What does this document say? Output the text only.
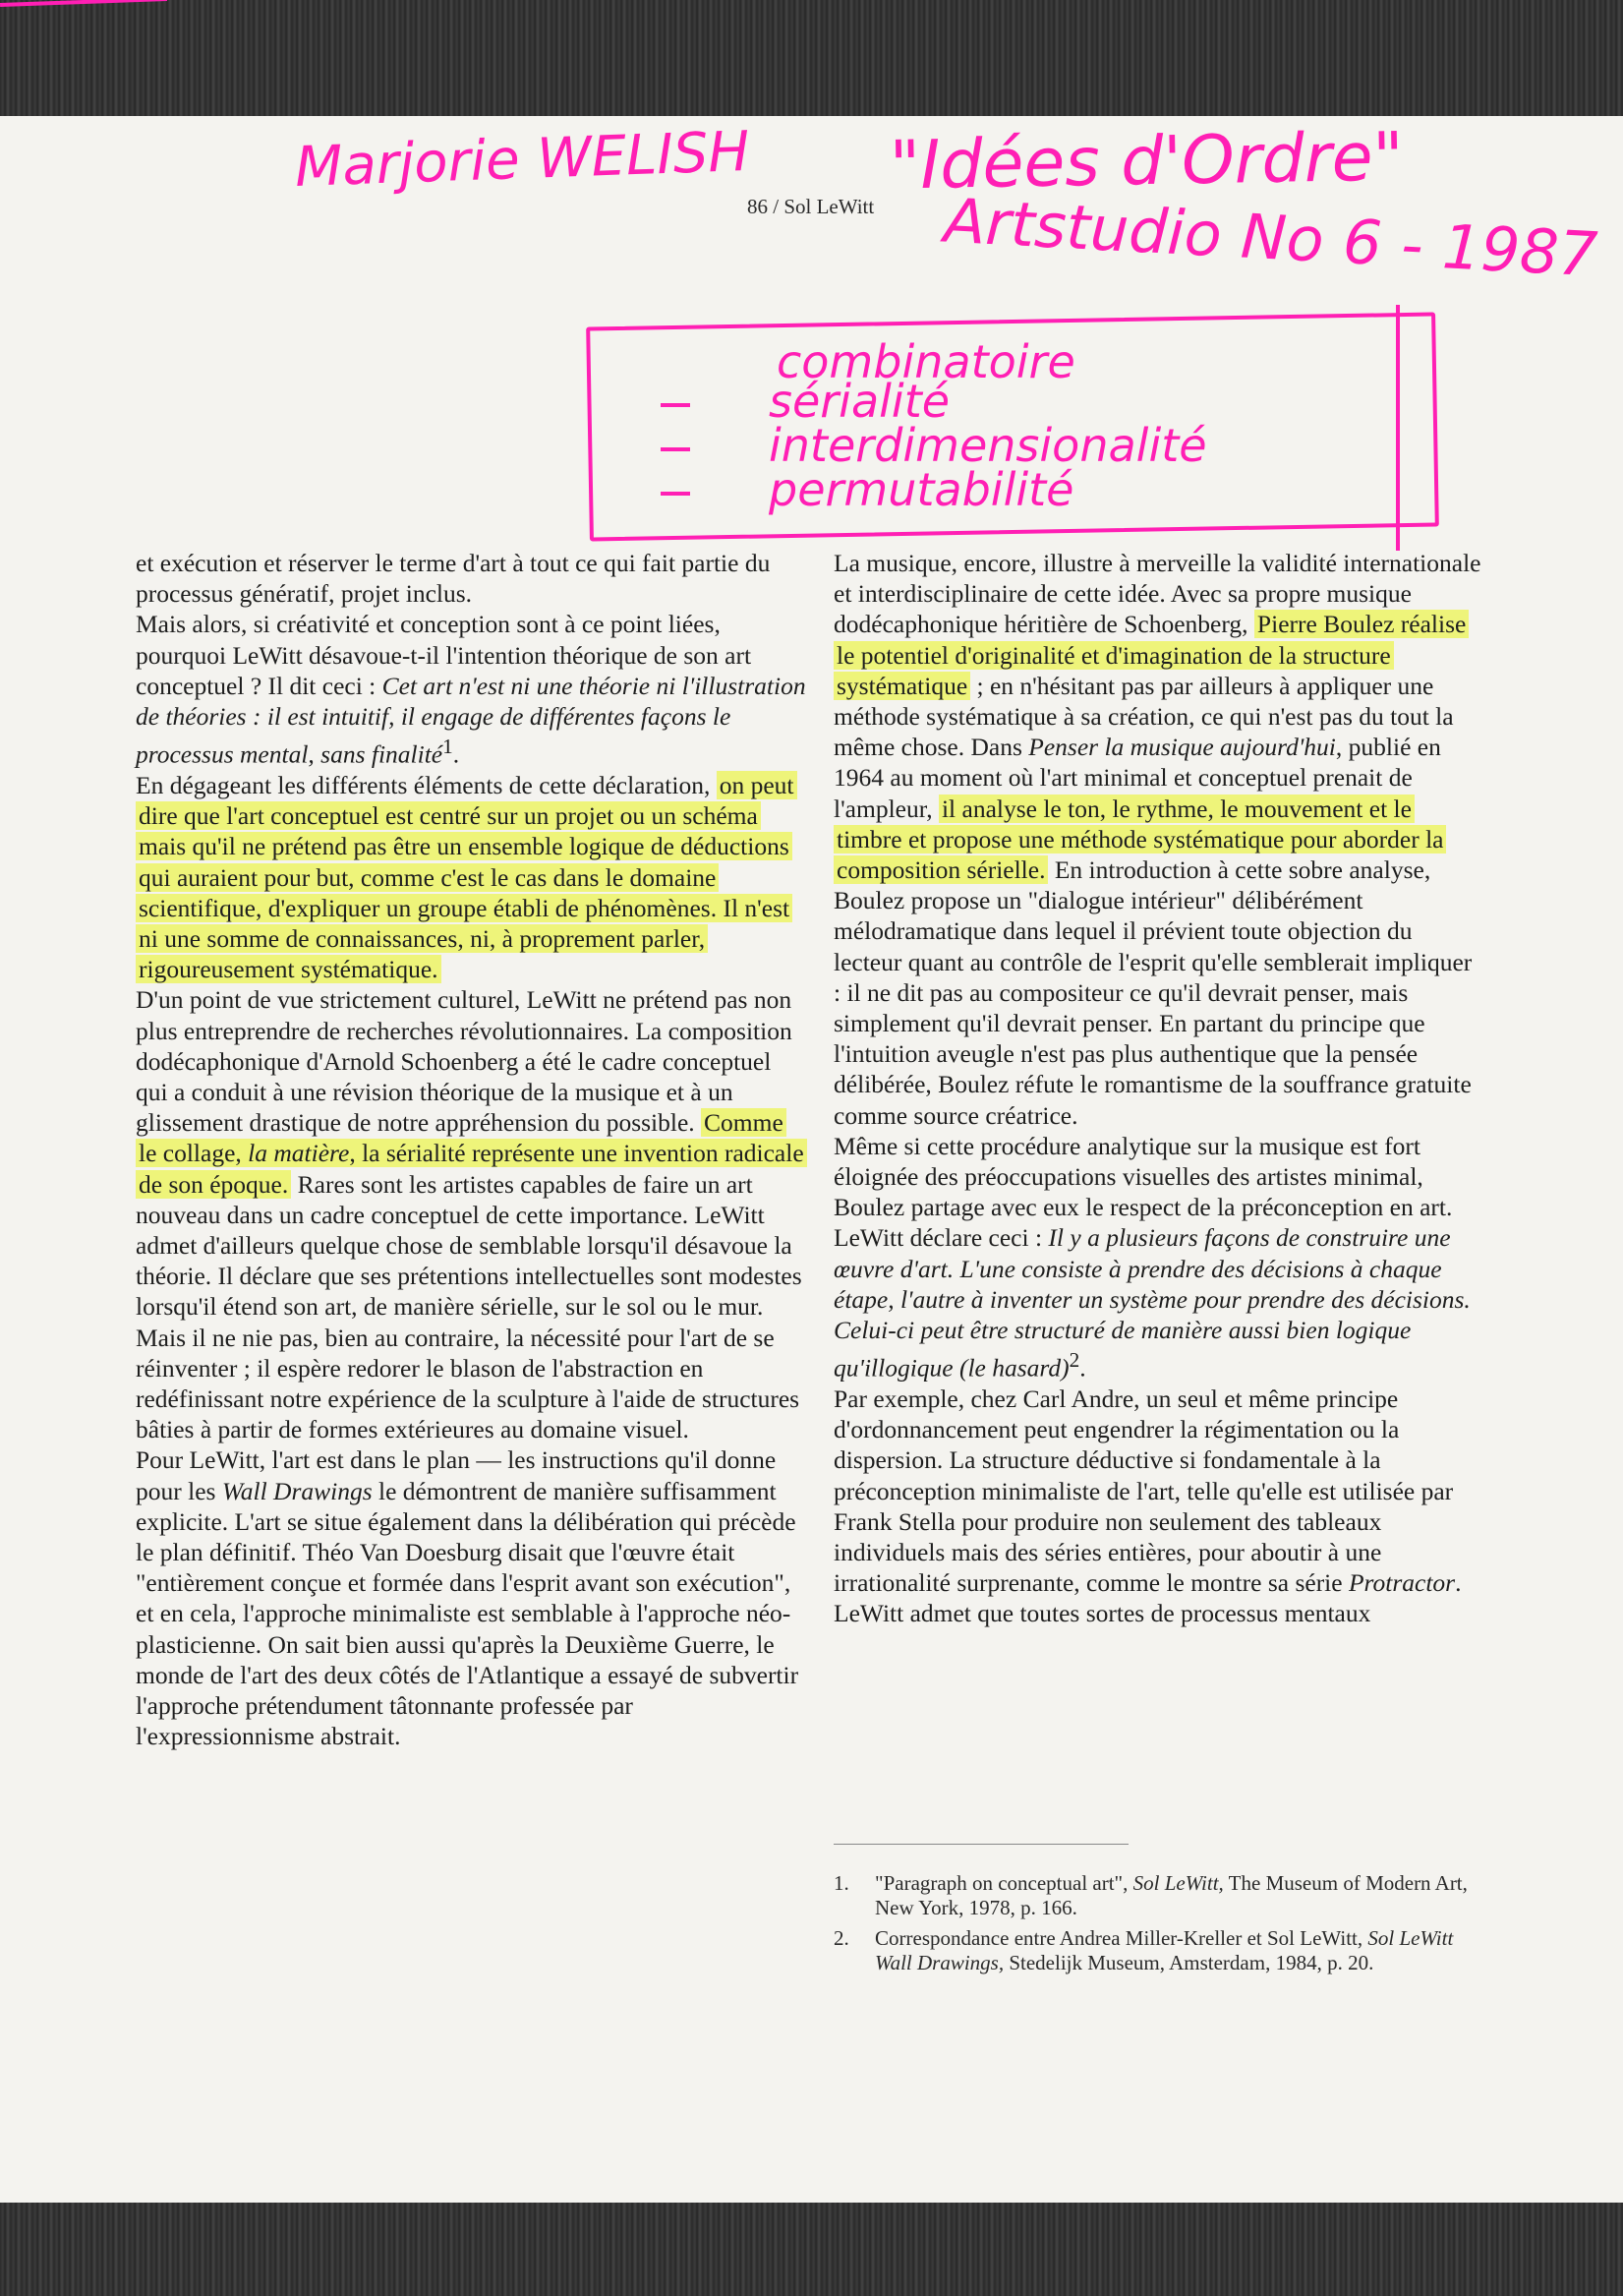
Marjorie WELISH "Idées d'Ordre"
Artstudio No 6 - 1987
combinatoire
sérialité
interdimensionalité
permutabilité
86 / Sol LeWitt

et exécution et réserver le terme d'art à tout ce qui fait partie du processus génératif, projet inclus.

Mais alors, si créativité et conception sont à ce point liées, pourquoi LeWitt désavoue-t-il l'intention théorique de son art conceptuel ? Il dit ceci : Cet art n'est ni une théorie ni l'illustration de théories : il est intuitif, il engage de différentes façons le processus mental, sans finalité$^1$.

En dégageant les différents éléments de cette déclaration, on peut dire que l'art conceptuel est centré sur un projet ou un schéma mais qu'il ne prétend pas être un ensemble logique de déductions qui auraient pour but, comme c'est le cas dans le domaine scientifique, d'expliquer un groupe établi de phénomènes. Il n'est ni une somme de connaissances, ni, à proprement parler, rigoureusement systématique.

D'un point de vue strictement culturel, LeWitt ne prétend pas non plus entreprendre de recherches révolutionnaires. La composition dodécaphonique d'Arnold Schoenberg a été le cadre conceptuel qui a conduit à une révision théorique de la musique et à un glissement drastique de notre appréhension du possible. Comme le collage, la matière, la sérialité représente une invention radicale de son époque. Rares sont les artistes capables de faire un art nouveau dans un cadre conceptuel de cette importance. LeWitt admet d'ailleurs quelque chose de semblable lorsqu'il désavoue la théorie. Il déclare que ses prétentions intellectuelles sont modestes lorsqu'il étend son art, de manière sérielle, sur le sol ou le mur. Mais il ne nie pas, bien au contraire, la nécessité pour l'art de se réinventer ; il espère redorer le blason de l'abstraction en redéfinissant notre expérience de la sculpture à l'aide de structures bâties à partir de formes extérieures au domaine visuel.

Pour LeWitt, l'art est dans le plan — les instructions qu'il donne pour les Wall Drawings le démontrent de manière suffisamment explicite. L'art se situe également dans la délibération qui précède le plan définitif. Théo Van Doesburg disait que l'œuvre était "entièrement conçue et formée dans l'esprit avant son exécution", et en cela, l'approche minimaliste est semblable à l'approche néo-plasticienne. On sait bien aussi qu'après la Deuxième Guerre, le monde de l'art des deux côtés de l'Atlantique a essayé de subvertir l'approche prétendument tâtonnante professée par l'expressionnisme abstrait.

La musique, encore, illustre à merveille la validité internationale et interdisciplinaire de cette idée. Avec sa propre musique dodécaphonique héritière de Schoenberg, Pierre Boulez réalise le potentiel d'originalité et d'imagination de la structure systématique ; en n'hésitant pas par ailleurs à appliquer une méthode systématique à sa création, ce qui n'est pas du tout la même chose. Dans Penser la musique aujourd'hui, publié en 1964 au moment où l'art minimal et conceptuel prenait de l'ampleur, il analyse le ton, le rythme, le mouvement et le timbre et propose une méthode systématique pour aborder la composition sérielle. En introduction à cette sobre analyse, Boulez propose un "dialogue intérieur" délibérément mélodramatique dans lequel il prévient toute objection du lecteur quant au contrôle de l'esprit qu'elle semblerait impliquer : il ne dit pas au compositeur ce qu'il devrait penser, mais simplement qu'il devrait penser. En partant du principe que l'intuition aveugle n'est pas plus authentique que la pensée délibérée, Boulez réfute le romantisme de la souffrance gratuite comme source créatrice.

Même si cette procédure analytique sur la musique est fort éloignée des préoccupations visuelles des artistes minimal, Boulez partage avec eux le respect de la préconception en art. LeWitt déclare ceci : Il y a plusieurs façons de construire une œuvre d'art. L'une consiste à prendre des décisions à chaque étape, l'autre à inventer un système pour prendre des décisions. Celui-ci peut être structuré de manière aussi bien logique qu'illogique (le hasard)$^2$.

Par exemple, chez Carl Andre, un seul et même principe d'ordonnancement peut engendrer la régimentation ou la dispersion. La structure déductive si fondamentale à la préconception minimaliste de l'art, telle qu'elle est utilisée par Frank Stella pour produire non seulement des tableaux individuels mais des séries entières, pour aboutir à une irrationalité surprenante, comme le montre sa série Protractor.

LeWitt admet que toutes sortes de processus mentaux

1.	"Paragraph on conceptual art", Sol LeWitt, The Museum of Modern Art, New York, 1978, p. 166.
2.	Correspondance entre Andrea Miller-Kreller et Sol LeWitt, Sol LeWitt Wall Drawings, Stedelijk Museum, Amsterdam, 1984, p. 20.
